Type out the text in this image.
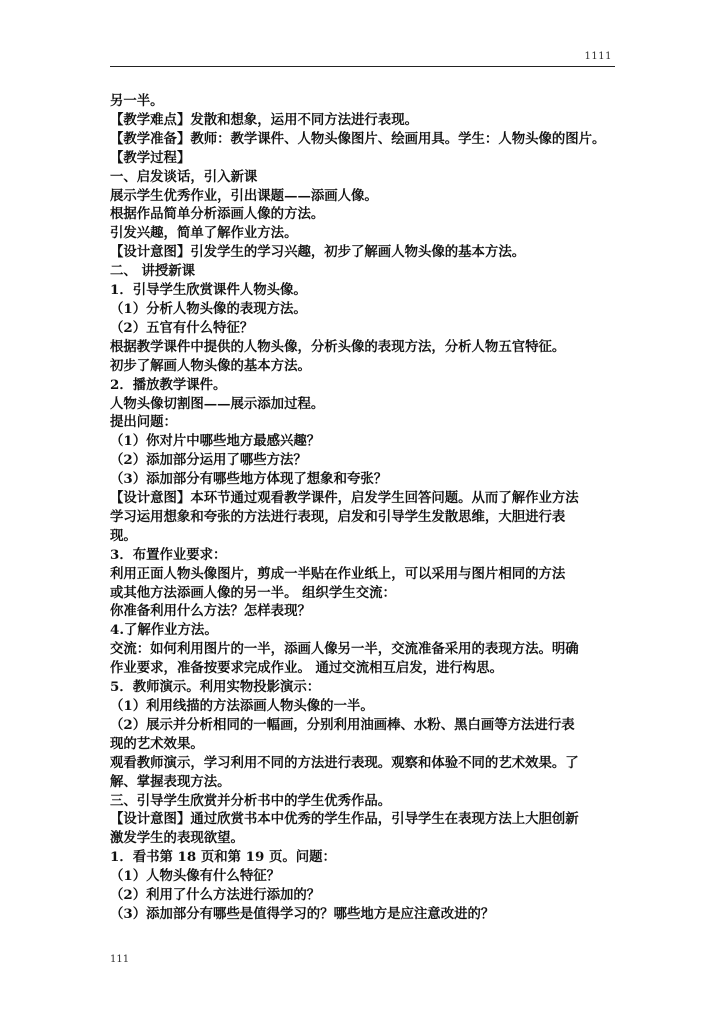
1111
另一半。
【教学难点】发散和想象，运用不同方法进行表现。
【教学准备】教师：教学课件、人物头像图片、绘画用具。学生：人物头像的图片。
【教学过程】
一、启发谈话，引入新课
展示学生优秀作业，引出课题——添画人像。
根据作品简单分析添画人像的方法。
引发兴趣，简单了解作业方法。
【设计意图】引发学生的学习兴趣，初步了解画人物头像的基本方法。
二、 讲授新课
1．引导学生欣赏课件人物头像。
（1）分析人物头像的表现方法。
（2）五官有什么特征？
根据教学课件中提供的人物头像，分析头像的表现方法，分析人物五官特征。
初步了解画人物头像的基本方法。
2．播放教学课件。
人物头像切割图——展示添加过程。
提出问题：
（1）你对片中哪些地方最感兴趣？
（2）添加部分运用了哪些方法？
（3）添加部分有哪些地方体现了想象和夸张？
【设计意图】本环节通过观看教学课件，启发学生回答问题。从而了解作业方法
学习运用想象和夸张的方法进行表现，启发和引导学生发散思维，大胆进行表
现。
3．布置作业要求：
利用正面人物头像图片，剪成一半贴在作业纸上，可以采用与图片相同的方法
或其他方法添画人像的另一半。 组织学生交流：
你准备利用什么方法？怎样表现？
4.了解作业方法。
交流：如何利用图片的一半，添画人像另一半，交流准备采用的表现方法。明确
作业要求，准备按要求完成作业。 通过交流相互启发，进行构思。
5．教师演示。利用实物投影演示：
（1）利用线描的方法添画人物头像的一半。
（2）展示并分析相同的一幅画，分别利用油画棒、水粉、黑白画等方法进行表
现的艺术效果。
观看教师演示，学习利用不同的方法进行表现。观察和体验不同的艺术效果。了
解、掌握表现方法。
三、引导学生欣赏并分析书中的学生优秀作品。
【设计意图】通过欣赏书本中优秀的学生作品，引导学生在表现方法上大胆创新
激发学生的表现欲望。
1．看书第 18 页和第 19 页。问题：
（1）人物头像有什么特征？
（2）利用了什么方法进行添加的？
（3）添加部分有哪些是值得学习的？哪些地方是应注意改进的？
111
